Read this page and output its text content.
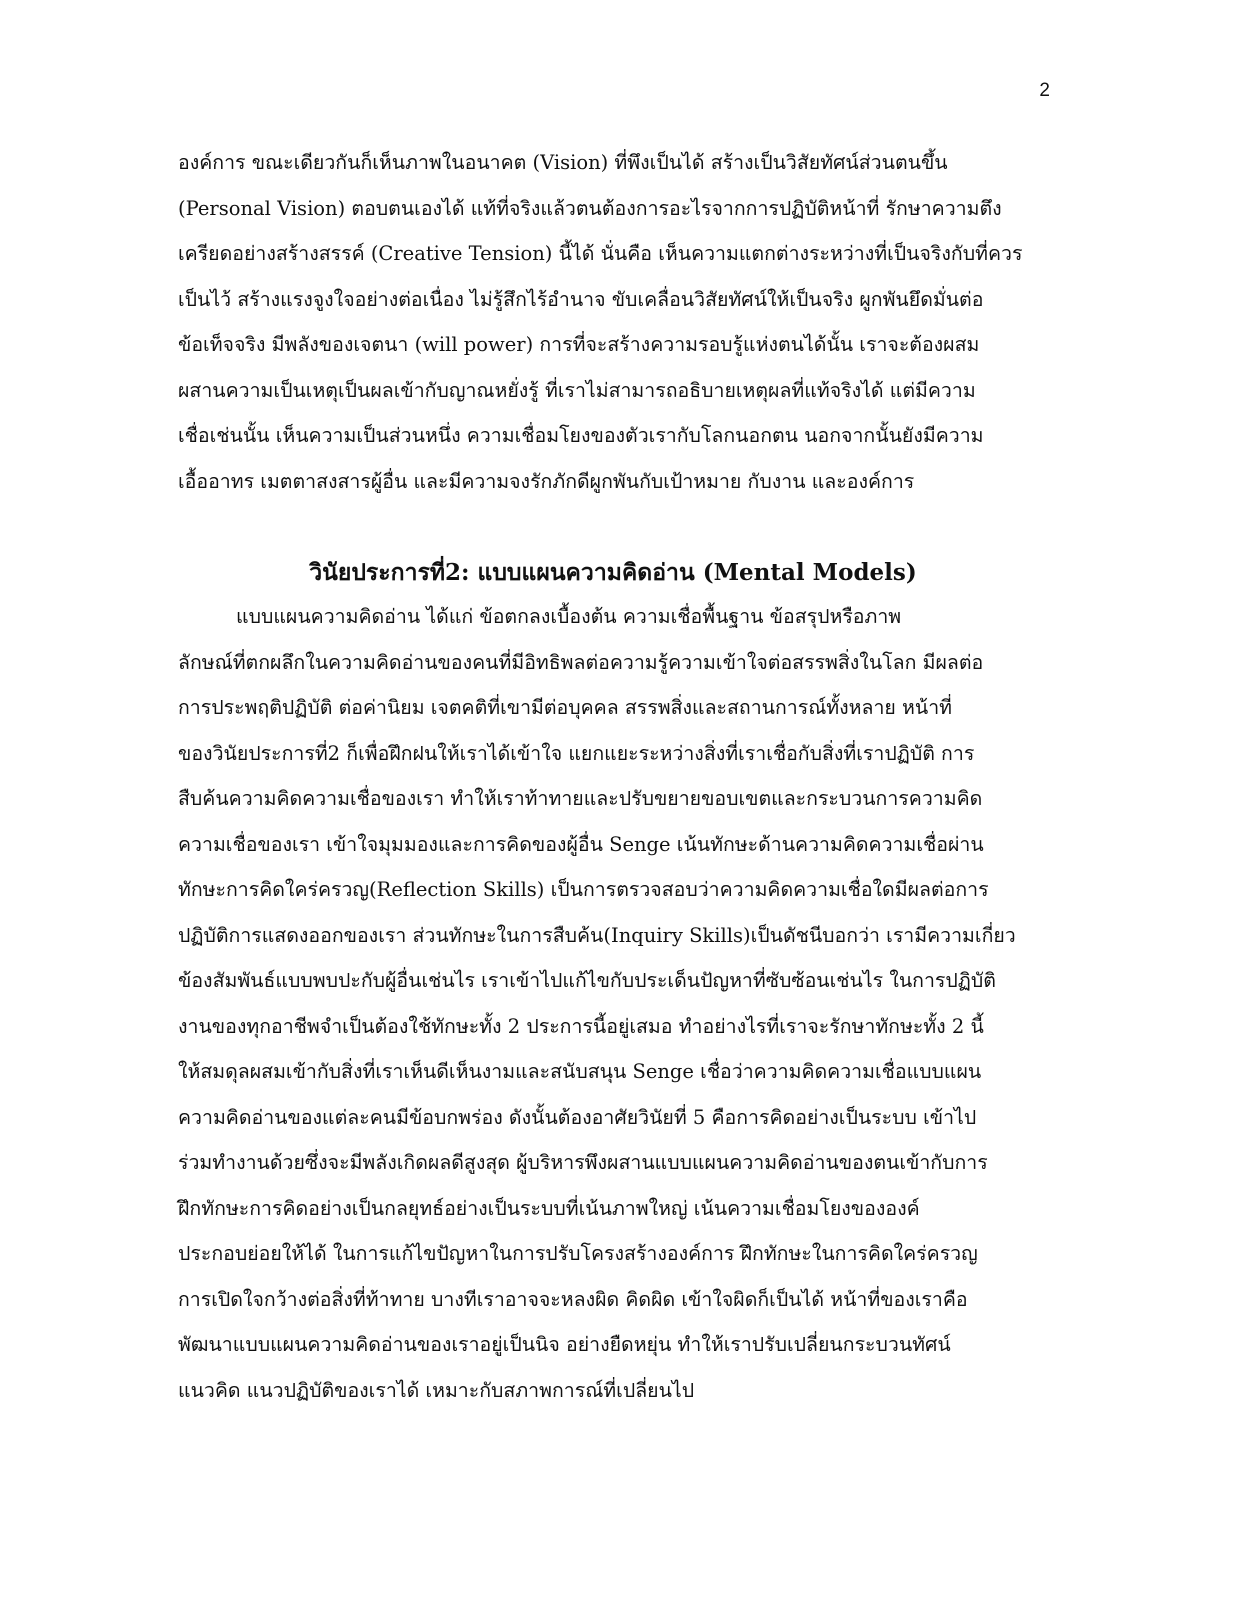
2
องค์การ ขณะเดียวกันก็เห็นภาพในอนาคต (Vision) ที่พึงเป็นได้ สร้างเป็นวิสัยทัศน์ส่วนตนขึ้น
(Personal Vision) ตอบตนเองได้ แท้ที่จริงแล้วตนต้องการอะไรจากการปฏิบัติหน้าที่ รักษาความตึง
เครียดอย่างสร้างสรรค์ (Creative Tension) นี้ได้ นั่นคือ เห็นความแตกต่างระหว่างที่เป็นจริงกับที่ควร
เป็นไว้ สร้างแรงจูงใจอย่างต่อเนื่อง ไม่รู้สึกไร้อำนาจ ขับเคลื่อนวิสัยทัศน์ให้เป็นจริง ผูกพันยึดมั่นต่อ
ข้อเท็จจริง มีพลังของเจตนา (will power) การที่จะสร้างความรอบรู้แห่งตนได้นั้น เราจะต้องผสม
ผสานความเป็นเหตุเป็นผลเข้ากับญาณหยั่งรู้ ที่เราไม่สามารถอธิบายเหตุผลที่แท้จริงได้ แต่มีความ
เชื่อเช่นนั้น เห็นความเป็นส่วนหนึ่ง ความเชื่อมโยงของตัวเรากับโลกนอกตน นอกจากนั้นยังมีความ
เอื้ออาทร เมตตาสงสารผู้อื่น และมีความจงรักภักดีผูกพันกับเป้าหมาย กับงาน และองค์การ
วินัยประการที่2: แบบแผนความคิดอ่าน (Mental Models)
แบบแผนความคิดอ่าน ได้แก่ ข้อตกลงเบื้องต้น ความเชื่อพื้นฐาน ข้อสรุปหรือภาพ
ลักษณ์ที่ตกผลึกในความคิดอ่านของคนที่มีอิทธิพลต่อความรู้ความเข้าใจต่อสรรพสิ่งในโลก มีผลต่อ
การประพฤติปฏิบัติ ต่อค่านิยม เจตคติที่เขามีต่อบุคคล สรรพสิ่งและสถานการณ์ทั้งหลาย หน้าที่
ของวินัยประการที่2 ก็เพื่อฝึกฝนให้เราได้เข้าใจ แยกแยะระหว่างสิ่งที่เราเชื่อกับสิ่งที่เราปฏิบัติ การ
สืบค้นความคิดความเชื่อของเรา ทำให้เราท้าทายและปรับขยายขอบเขตและกระบวนการความคิด
ความเชื่อของเรา เข้าใจมุมมองและการคิดของผู้อื่น Senge เน้นทักษะด้านความคิดความเชื่อผ่าน
ทักษะการคิดใคร่ครวญ(Reflection Skills) เป็นการตรวจสอบว่าความคิดความเชื่อใดมีผลต่อการ
ปฏิบัติการแสดงออกของเรา ส่วนทักษะในการสืบค้น(Inquiry Skills)เป็นดัชนีบอกว่า เรามีความเกี่ยว
ข้องสัมพันธ์แบบพบปะกับผู้อื่นเช่นไร เราเข้าไปแก้ไขกับประเด็นปัญหาที่ซับซ้อนเช่นไร ในการปฏิบัติ
งานของทุกอาชีพจำเป็นต้องใช้ทักษะทั้ง 2 ประการนี้อยู่เสมอ ทำอย่างไรที่เราจะรักษาทักษะทั้ง 2 นี้
ให้สมดุลผสมเข้ากับสิ่งที่เราเห็นดีเห็นงามและสนับสนุน Senge เชื่อว่าความคิดความเชื่อแบบแผน
ความคิดอ่านของแต่ละคนมีข้อบกพร่อง ดังนั้นต้องอาศัยวินัยที่ 5 คือการคิดอย่างเป็นระบบ เข้าไป
ร่วมทำงานด้วยซึ่งจะมีพลังเกิดผลดีสูงสุด ผู้บริหารพึงผสานแบบแผนความคิดอ่านของตนเข้ากับการ
ฝึกทักษะการคิดอย่างเป็นกลยุทธ์อย่างเป็นระบบที่เน้นภาพใหญ่ เน้นความเชื่อมโยงขององค์
ประกอบย่อยให้ได้ ในการแก้ไขปัญหาในการปรับโครงสร้างองค์การ ฝึกทักษะในการคิดใคร่ครวญ
การเปิดใจกว้างต่อสิ่งที่ท้าทาย บางทีเราอาจจะหลงผิด คิดผิด เข้าใจผิดก็เป็นได้ หน้าที่ของเราคือ
พัฒนาแบบแผนความคิดอ่านของเราอยู่เป็นนิจ อย่างยืดหยุ่น ทำให้เราปรับเปลี่ยนกระบวนทัศน์
แนวคิด แนวปฏิบัติของเราได้ เหมาะกับสภาพการณ์ที่เปลี่ยนไป
